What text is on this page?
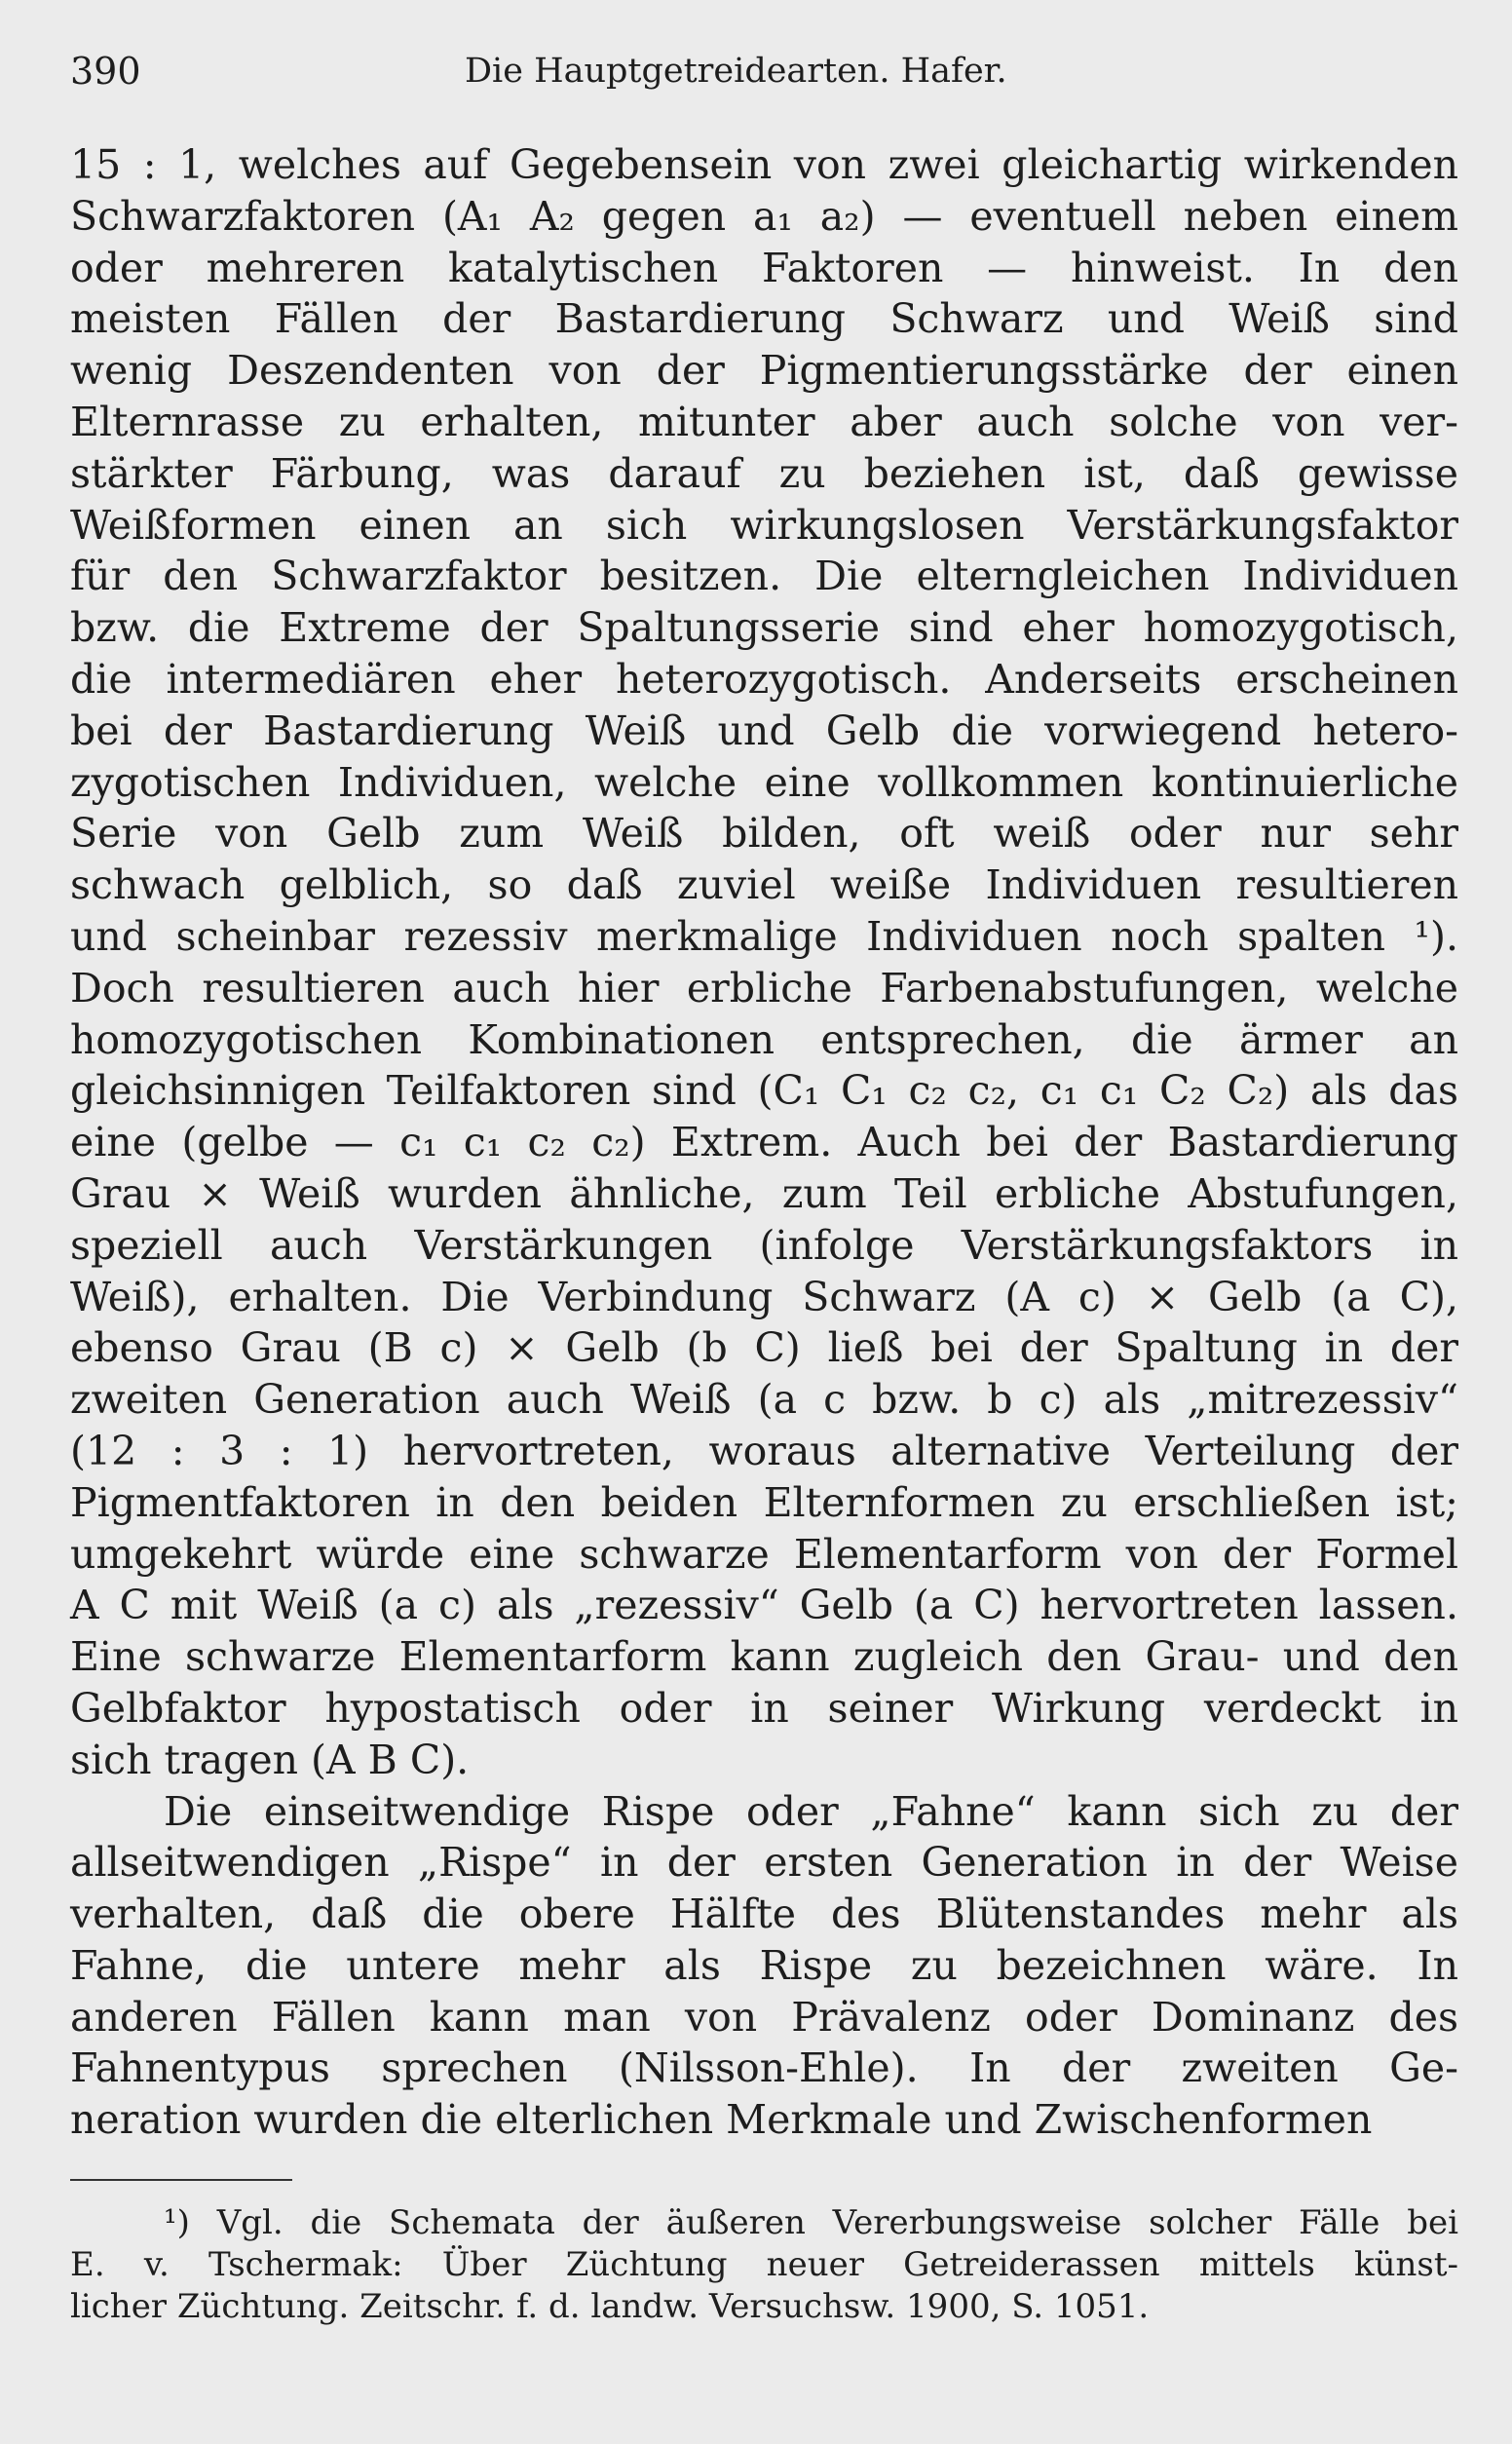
390	Die Hauptgetreidearten. Hafer.
15 : 1, welches auf Gegebensein von zwei gleichartig wirkenden
Schwarzfaktoren (A₁ A₂ gegen a₁ a₂) — eventuell neben einem
oder mehreren katalytischen Faktoren — hinweist. In den
meisten Fällen der Bastardierung Schwarz und Weiß sind
wenig Deszendenten von der Pigmentierungsstärke der einen
Elternrasse zu erhalten, mitunter aber auch solche von ver-
stärkter Färbung, was darauf zu beziehen ist, daß gewisse
Weißformen einen an sich wirkungslosen Verstärkungsfaktor
für den Schwarzfaktor besitzen. Die elterngleichen Individuen
bzw. die Extreme der Spaltungsserie sind eher homozygotisch,
die intermediären eher heterozygotisch. Anderseits erscheinen
bei der Bastardierung Weiß und Gelb die vorwiegend hetero-
zygotischen Individuen, welche eine vollkommen kontinuierliche
Serie von Gelb zum Weiß bilden, oft weiß oder nur sehr
schwach gelblich, so daß zuviel weiße Individuen resultieren
und scheinbar rezessiv merkmalige Individuen noch spalten ¹).
Doch resultieren auch hier erbliche Farbenabstufungen, welche
homozygotischen Kombinationen entsprechen, die ärmer an
gleichsinnigen Teilfaktoren sind (C₁ C₁ c₂ c₂, c₁ c₁ C₂ C₂) als das
eine (gelbe — c₁ c₁ c₂ c₂) Extrem. Auch bei der Bastardierung
Grau × Weiß wurden ähnliche, zum Teil erbliche Abstufungen,
speziell auch Verstärkungen (infolge Verstärkungsfaktors in
Weiß), erhalten. Die Verbindung Schwarz (A c) × Gelb (a C),
ebenso Grau (B c) × Gelb (b C) ließ bei der Spaltung in der
zweiten Generation auch Weiß (a c bzw. b c) als „mitrezessiv“
(12 : 3 : 1) hervortreten, woraus alternative Verteilung der
Pigmentfaktoren in den beiden Elternformen zu erschließen ist;
umgekehrt würde eine schwarze Elementarform von der Formel
A C mit Weiß (a c) als „rezessiv“ Gelb (a C) hervortreten lassen.
Eine schwarze Elementarform kann zugleich den Grau- und den
Gelbfaktor hypostatisch oder in seiner Wirkung verdeckt in
sich tragen (A B C).
Die einseitwendige Rispe oder „Fahne“ kann sich zu der
allseitwendigen „Rispe“ in der ersten Generation in der Weise
verhalten, daß die obere Hälfte des Blütenstandes mehr als
Fahne, die untere mehr als Rispe zu bezeichnen wäre. In
anderen Fällen kann man von Prävalenz oder Dominanz des
Fahnentypus sprechen (Nilsson-Ehle). In der zweiten Ge-
neration wurden die elterlichen Merkmale und Zwischenformen
¹) Vgl. die Schemata der äußeren Vererbungsweise solcher Fälle bei
E. v. Tschermak: Über Züchtung neuer Getreiderassen mittels künst-
licher Züchtung. Zeitschr. f. d. landw. Versuchsw. 1900, S. 1051.
